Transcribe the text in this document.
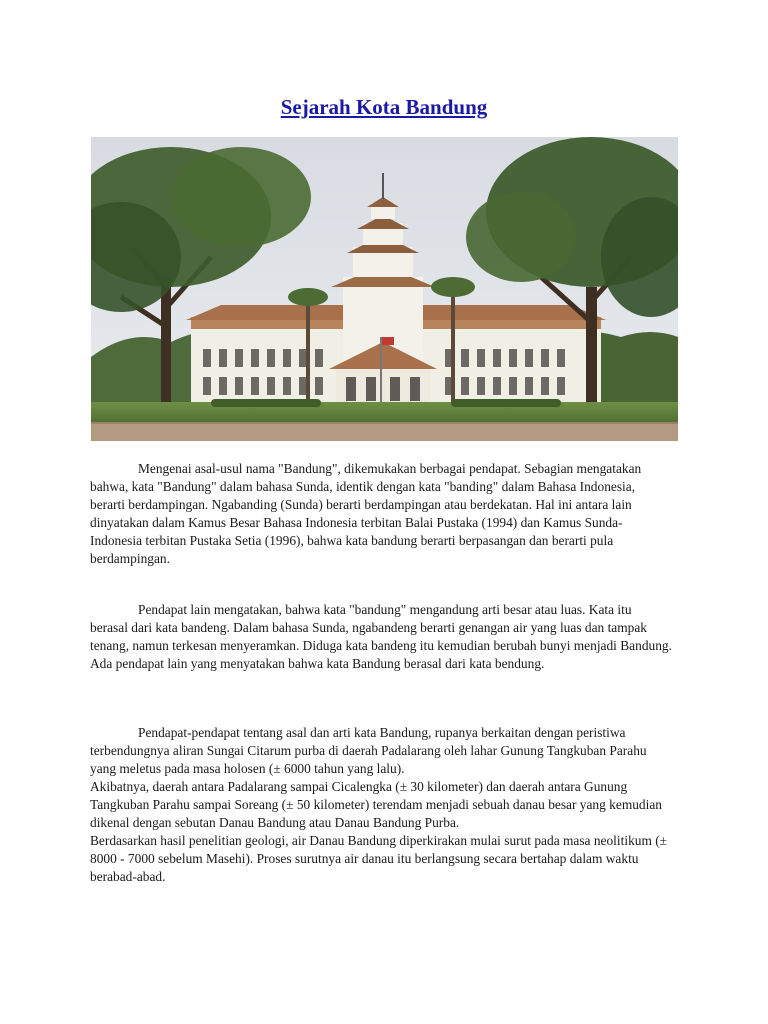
Sejarah Kota Bandung

Mengenai asal-usul nama "Bandung", dikemukakan berbagai pendapat. Sebagian mengatakan bahwa, kata "Bandung" dalam bahasa Sunda, identik dengan kata "banding" dalam Bahasa Indonesia, berarti berdampingan. Ngabanding (Sunda) berarti berdampingan atau berdekatan. Hal ini antara lain dinyatakan dalam Kamus Besar Bahasa Indonesia terbitan Balai Pustaka (1994) dan Kamus Sunda-Indonesia terbitan Pustaka Setia (1996), bahwa kata bandung berarti berpasangan dan berarti pula berdampingan.

Pendapat lain mengatakan, bahwa kata "bandung" mengandung arti besar atau luas. Kata itu berasal dari kata bandeng. Dalam bahasa Sunda, ngabandeng berarti genangan air yang luas dan tampak tenang, namun terkesan menyeramkan. Diduga kata bandeng itu kemudian berubah bunyi menjadi Bandung. Ada pendapat lain yang menyatakan bahwa kata Bandung berasal dari kata bendung.

Pendapat-pendapat tentang asal dan arti kata Bandung, rupanya berkaitan dengan peristiwa terbendungnya aliran Sungai Citarum purba di daerah Padalarang oleh lahar Gunung Tangkuban Parahu yang meletus pada masa holosen (± 6000 tahun yang lalu).
Akibatnya, daerah antara Padalarang sampai Cicalengka (± 30 kilometer) dan daerah antara Gunung Tangkuban Parahu sampai Soreang (± 50 kilometer) terendam menjadi sebuah danau besar yang kemudian dikenal dengan sebutan Danau Bandung atau Danau Bandung Purba.
Berdasarkan hasil penelitian geologi, air Danau Bandung diperkirakan mulai surut pada masa neolitikum (± 8000 - 7000 sebelum Masehi). Proses surutnya air danau itu berlangsung secara bertahap dalam waktu berabad-abad.
